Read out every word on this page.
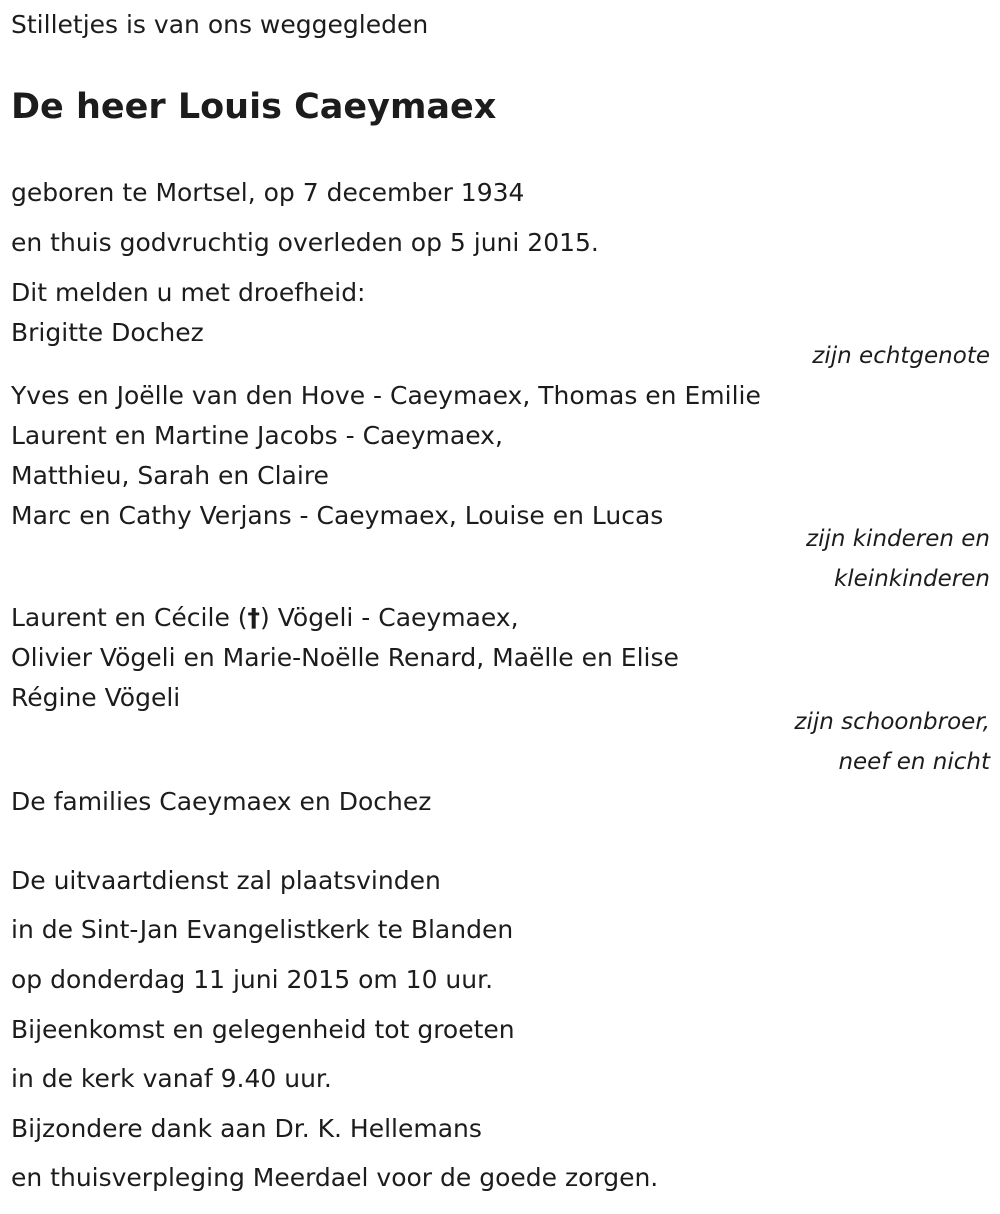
Stilletjes is van ons weggegleden
De heer Louis Caeymaex
geboren te Mortsel, op 7 december 1934
en thuis godvruchtig overleden op 5 juni 2015.
Dit melden u met droefheid:
Brigitte Dochez
zijn echtgenote
Yves en Joëlle van den Hove - Caeymaex, Thomas en Emilie
Laurent en Martine Jacobs - Caeymaex,
Matthieu, Sarah en Claire
Marc en Cathy Verjans - Caeymaex, Louise en Lucas
zijn kinderen en
kleinkinderen
Laurent en Cécile (†) Vögeli - Caeymaex,
Olivier Vögeli en Marie-Noëlle Renard, Maëlle en Elise
Régine Vögeli
zijn schoonbroer,
neef en nicht
De families Caeymaex en Dochez
De uitvaartdienst zal plaatsvinden
in de Sint-Jan Evangelistkerk te Blanden
op donderdag 11 juni 2015 om 10 uur.
Bijeenkomst en gelegenheid tot groeten
in de kerk vanaf 9.40 uur.
Bijzondere dank aan Dr. K. Hellemans
en thuisverpleging Meerdael voor de goede zorgen.
